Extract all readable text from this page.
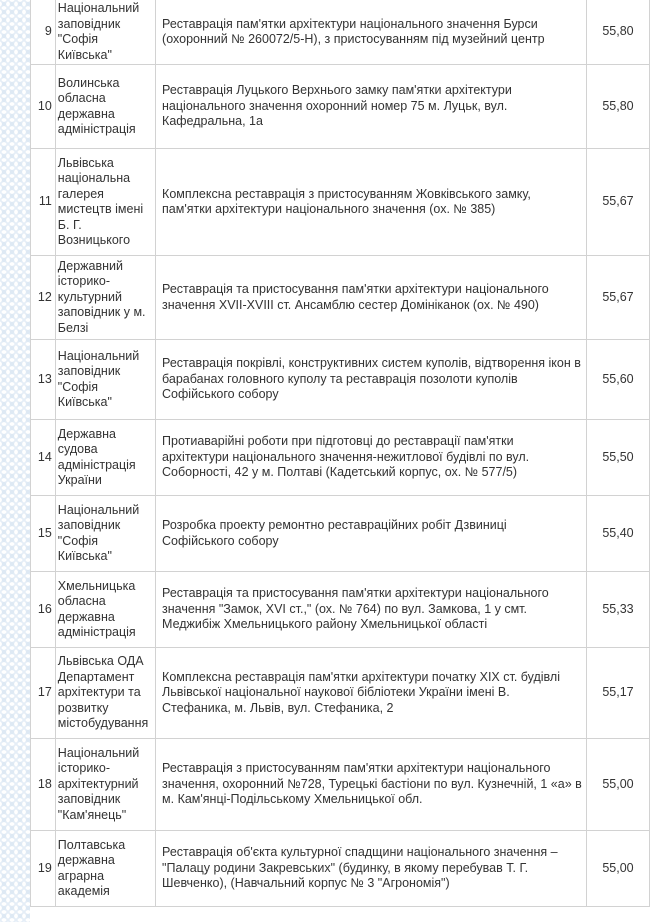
9	Національний заповідник "Софія Київська"	Реставрація пам'ятки архітектури національного значення Бурси (охоронний № 260072/5-Н), з пристосуванням під музейний центр	55,80
10	Волинська обласна державна адміністрація	Реставрація Луцького Верхнього замку пам'ятки архітектури національного значення охоронний номер 75 м. Луцьк, вул. Кафедральна, 1а	55,80
11	Львівська національна галерея мистецтв імені Б. Г. Возницького	Комплексна реставрація з пристосуванням Жовківського замку, пам'ятки архітектури національного значення (ох. № 385)	55,67
12	Державний історико-культурний заповідник у м. Белзі	Реставрація та пристосування пам'ятки архітектури національного значення XVII-XVIII ст. Ансамблю сестер Домініканок (ох. № 490)	55,67
13	Національний заповідник "Софія Київська"	Реставрація покрівлі, конструктивних систем куполів, відтворення ікон в барабанах головного куполу та реставрація позолоти куполів Софійського собору	55,60
14	Державна судова адміністрація України	Протиаварійні роботи при підготовці до реставрації пам'ятки архітектури національного значення-нежитлової будівлі по вул. Соборності, 42 у м. Полтаві (Кадетський корпус, ох. № 577/5)	55,50
15	Національний заповідник "Софія Київська"	Розробка проекту ремонтно реставраційних робіт Дзвиниці Софійського собору	55,40
16	Хмельницька обласна державна адміністрація	Реставрація та пристосування пам'ятки архітектури національного значення "Замок, XVI ст.," (ох. № 764) по вул. Замкова, 1 у смт. Меджибіж Хмельницького району Хмельницької області	55,33
17	Львівська ОДА Департамент архітектури та розвитку містобудування	Комплексна реставрація пам'ятки архітектури початку XIX ст. будівлі Львівської національної наукової бібліотеки України імені В. Стефаника, м. Львів, вул. Стефаника, 2	55,17
18	Національний історико-архітектурний заповідник "Кам'янець"	Реставрація з пристосуванням пам'ятки архітектури національного значення, охоронний №728, Турецькі бастіони по вул. Кузнечній, 1 «а» в м. Кам'янці-Подільському Хмельницької обл.	55,00
19	Полтавська державна аграрна академія	Реставрація об'єкта культурної спадщини національного значення – "Палацу родини Закревських" (будинку, в якому перебував Т. Г. Шевченко), (Навчальний корпус № 3 "Агрономія")	55,00
